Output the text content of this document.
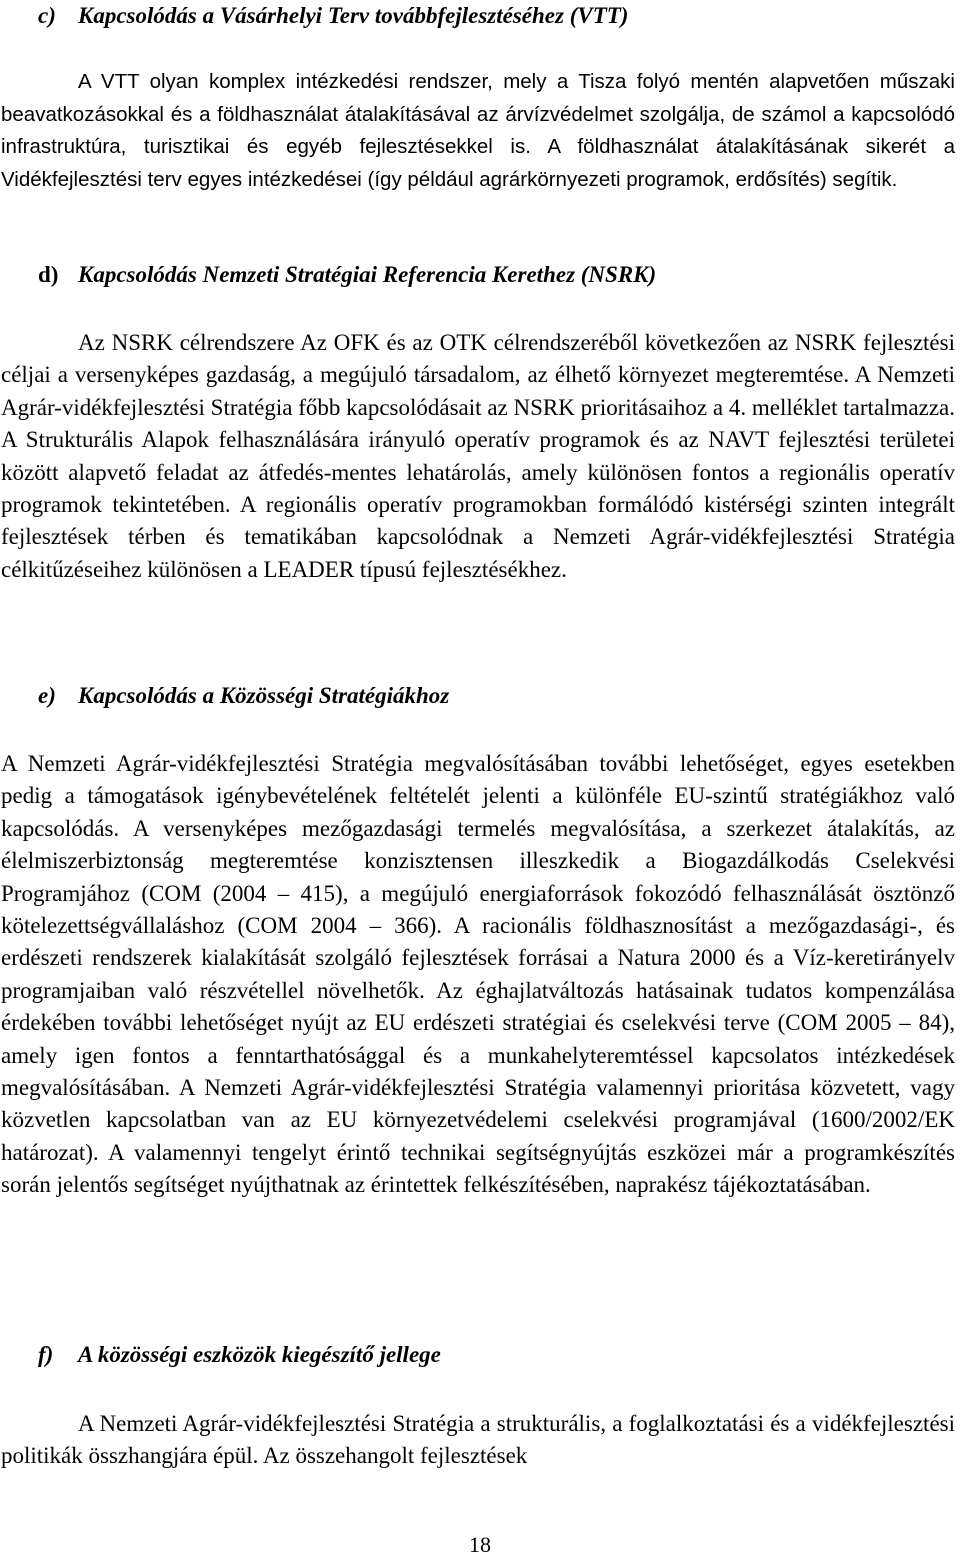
c) Kapcsolódás a Vásárhelyi Terv továbbfejlesztéséhez (VTT)

A VTT olyan komplex intézkedési rendszer, mely a Tisza folyó mentén alapvetően műszaki beavatkozásokkal és a földhasználat átalakításával az árvízvédelmet szolgálja, de számol a kapcsolódó infrastruktúra, turisztikai és egyéb fejlesztésekkel is. A földhasználat átalakításának sikerét a Vidékfejlesztési terv egyes intézkedései (így például agrárkörnyezeti programok, erdősítés) segítik.

d) Kapcsolódás Nemzeti Stratégiai Referencia Kerethez (NSRK)

Az NSRK célrendszere Az OFK és az OTK célrendszeréből következően az NSRK fejlesztési céljai a versenyképes gazdaság, a megújuló társadalom, az élhető környezet megteremtése. A Nemzeti Agrár-vidékfejlesztési Stratégia főbb kapcsolódásait az NSRK prioritásaihoz a 4. melléklet tartalmazza. A Strukturális Alapok felhasználására irányuló operatív programok és az NAVT fejlesztési területei között alapvető feladat az átfedés-mentes lehatárolás, amely különösen fontos a regionális operatív programok tekintetében. A regionális operatív programokban formálódó kistérségi szinten integrált fejlesztések térben és tematikában kapcsolódnak a Nemzeti Agrár-vidékfejlesztési Stratégia célkitűzéseihez különösen a LEADER típusú fejlesztésékhez.

e) Kapcsolódás a Közösségi Stratégiákhoz

A Nemzeti Agrár-vidékfejlesztési Stratégia megvalósításában további lehetőséget, egyes esetekben pedig a támogatások igénybevételének feltételét jelenti a különféle EU-szintű stratégiákhoz való kapcsolódás. A versenyképes mezőgazdasági termelés megvalósítása, a szerkezet átalakítás, az élelmiszerbiztonság megteremtése konzisztensen illeszkedik a Biogazdálkodás Cselekvési Programjához (COM (2004 – 415), a megújuló energiaforrások fokozódó felhasználását ösztönző kötelezettségvállaláshoz (COM 2004 – 366). A racionális földhasznosítást a mezőgazdasági-, és erdészeti rendszerek kialakítását szolgáló fejlesztések forrásai a Natura 2000 és a Víz-keretirányelv programjaiban való részvétellel növelhetők. Az éghajlatváltozás hatásainak tudatos kompenzálása érdekében további lehetőséget nyújt az EU erdészeti stratégiai és cselekvési terve (COM 2005 – 84), amely igen fontos a fenntarthatósággal és a munkahelyteremtéssel kapcsolatos intézkedések megvalósításában. A Nemzeti Agrár-vidékfejlesztési Stratégia valamennyi prioritása közvetett, vagy közvetlen kapcsolatban van az EU környezetvédelemi cselekvési programjával (1600/2002/EK határozat). A valamennyi tengelyt érintő technikai segítségnyújtás eszközei már a programkészítés során jelentős segítséget nyújthatnak az érintettek felkészítésében, naprakész tájékoztatásában.

f) A közösségi eszközök kiegészítő jellege

A Nemzeti Agrár-vidékfejlesztési Stratégia a strukturális, a foglalkoztatási és a vidékfejlesztési politikák összhangjára épül. Az összehangolt fejlesztések

18
